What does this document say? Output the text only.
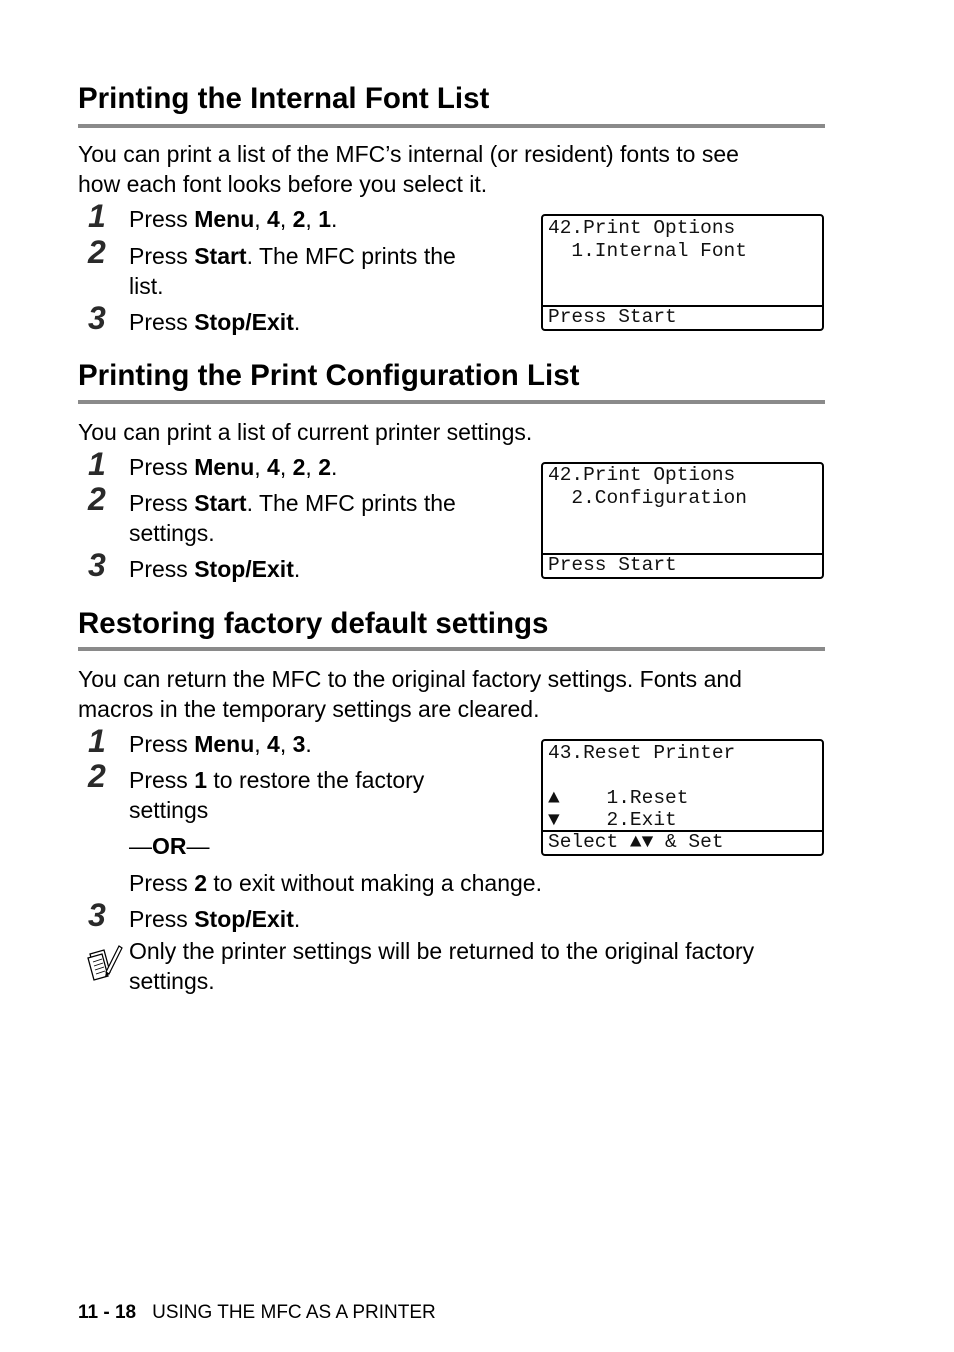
Printing the Internal Font List
You can print a list of the MFC’s internal (or resident) fonts to see
how each font looks before you select it.
1 Press Menu, 4, 2, 1.
2 Press Start. The MFC prints the
list.
3 Press Stop/Exit.
42.Print Options
1.Internal Font
Press Start
Printing the Print Configuration List
You can print a list of current printer settings.
1 Press Menu, 4, 2, 2.
2 Press Start. The MFC prints the
settings.
3 Press Stop/Exit.
42.Print Options
2.Configuration
Press Start
Restoring factory default settings
You can return the MFC to the original factory settings. Fonts and
macros in the temporary settings are cleared.
1 Press Menu, 4, 3.
2 Press 1 to restore the factory
settings
—OR—
Press 2 to exit without making a change.
3 Press Stop/Exit.
43.Reset Printer
▲    1.Reset
▼    2.Exit
Select ▲▼ & Set
Only the printer settings will be returned to the original factory
settings.
11 - 18 USING THE MFC AS A PRINTER
